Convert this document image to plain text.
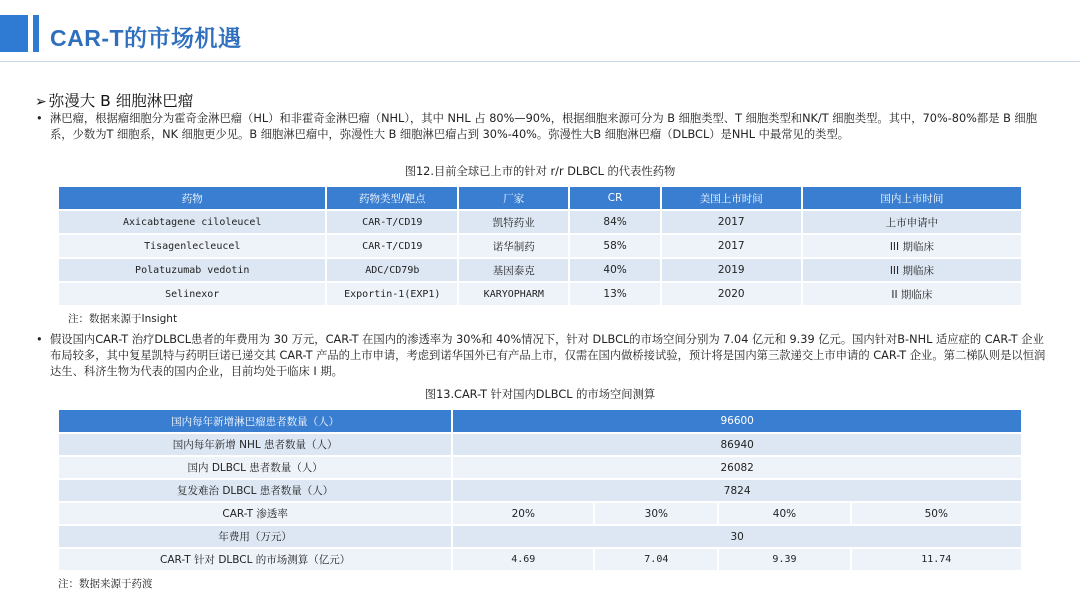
CAR-T的市场机遇
➢ 弥漫大 B 细胞淋巴瘤
• 淋巴瘤，根据瘤细胞分为霍奇金淋巴瘤（HL）和非霍奇金淋巴瘤（NHL），其中 NHL 占 80%—90%，根据细胞来源可分为 B 细胞类型、T 细胞类型和NK/T 细胞类型。其中，70%-80%都是 B 细胞系，少数为T 细胞系，NK 细胞更少见。B 细胞淋巴瘤中，弥漫性大 B 细胞淋巴瘤占到 30%-40%。弥漫性大B 细胞淋巴瘤（DLBCL）是NHL 中最常见的类型。
图12.目前全球已上市的针对 r/r DLBCL 的代表性药物
药物	药物类型/靶点	厂家	CR	美国上市时间	国内上市时间
Axicabtagene ciloleucel	CAR-T/CD19	凯特药业	84%	2017	上市申请中
Tisagenlecleucel	CAR-T/CD19	诺华制药	58%	2017	III 期临床
Polatuzumab vedotin	ADC/CD79b	基因泰克	40%	2019	III 期临床
Selinexor	Exportin-1(EXP1)	KARYOPHARM	13%	2020	II 期临床
注：数据来源于Insight
• 假设国内CAR-T 治疗DLBCL患者的年费用为 30 万元，CAR-T 在国内的渗透率为 30%和 40%情况下，针对 DLBCL的市场空间分别为 7.04 亿元和 9.39 亿元。国内针对B-NHL 适应症的 CAR-T 企业布局较多，其中复星凯特与药明巨诺已递交其 CAR-T 产品的上市申请，考虑到诺华国外已有产品上市，仅需在国内做桥接试验，预计将是国内第三款递交上市申请的 CAR-T 企业。第二梯队则是以恒润达生、科济生物为代表的国内企业，目前均处于临床 I 期。
图13.CAR-T 针对国内DLBCL 的市场空间测算
国内每年新增淋巴瘤患者数量（人）	96600			
国内每年新增 NHL 患者数量（人）	86940			
国内 DLBCL 患者数量（人）	26082			
复发难治 DLBCL 患者数量（人）	7824			
CAR-T 渗透率	20%	30%	40%	50%
年费用（万元）	30			
CAR-T 针对 DLBCL 的市场测算（亿元）	4.69	7.04	9.39	11.74
注：数据来源于药渡
